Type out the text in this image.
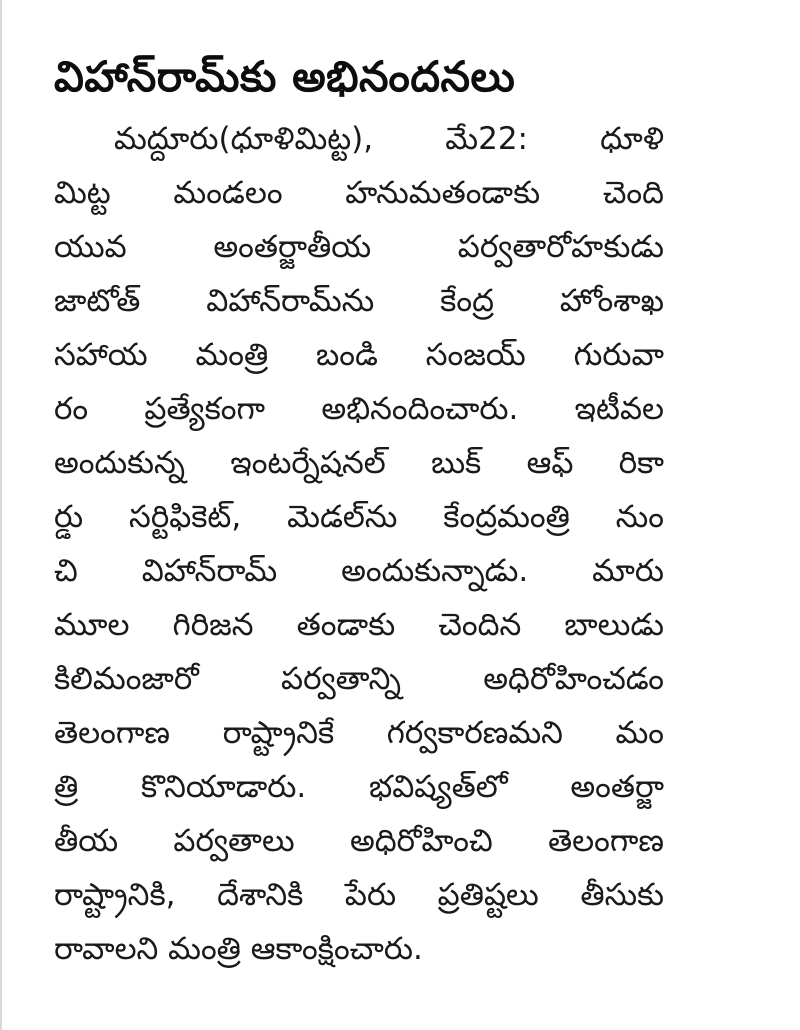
విహాన్‌రామ్‌కు అభినందనలు
మద్దూరు(ధూళిమిట్ట), మే22: ధూళి
మిట్ట మండలం హనుమతండాకు చెంది
యువ అంతర్జాతీయ పర్వతారోహకుడు
జాటోత్ విహాన్‌రామ్‌ను కేంద్ర హోంశాఖ
సహాయ మంత్రి బండి సంజయ్ గురువా
రం ప్రత్యేకంగా అభినందించారు. ఇటీవల
అందుకున్న ఇంటర్నేషనల్ బుక్ ఆఫ్ రికా
ర్డు సర్టిఫికెట్, మెడల్‌ను కేంద్రమంత్రి నుం
చి విహాన్‌రామ్ అందుకున్నాడు. మారు
మూల గిరిజన తండాకు చెందిన బాలుడు
కిలిమంజారో పర్వతాన్ని అధిరోహించడం
తెలంగాణ రాష్ట్రానికే గర్వకారణమని మం
త్రి కొనియాడారు. భవిష్యత్‌లో అంతర్జా
తీయ పర్వతాలు అధిరోహించి తెలంగాణ
రాష్ట్రానికి, దేశానికి పేరు ప్రతిష్టలు తీసుకు
రావాలని మంత్రి ఆకాంక్షించారు.
